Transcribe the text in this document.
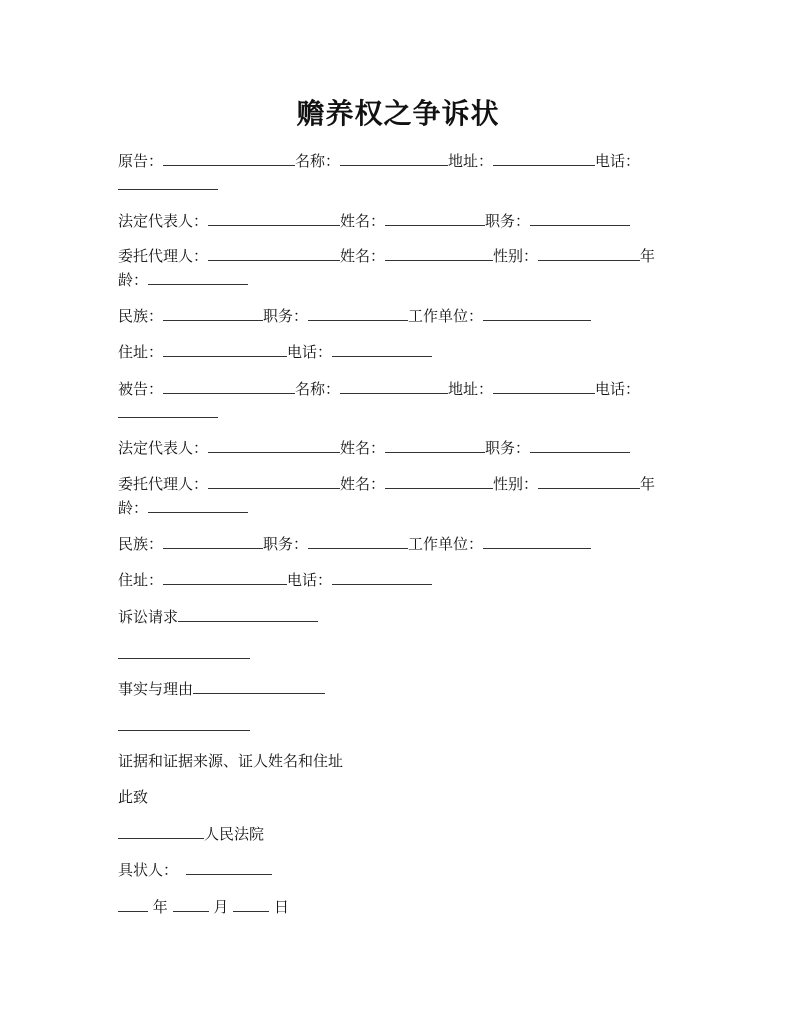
赡养权之争诉状
原告：	名称：	地址：	电话：
法定代表人：	姓名：	职务：
委托代理人：	姓名：	性别：	年
龄：
民族：	职务：	工作单位：
住址：	电话：
被告：	名称：	地址：	电话：
法定代表人：	姓名：	职务：
委托代理人：	姓名：	性别：	年
龄：
民族：	职务：	工作单位：
住址：	电话：
诉讼请求
事实与理由
证据和证据来源、证人姓名和住址
此致
人民法院
具状人：
年	月	日
